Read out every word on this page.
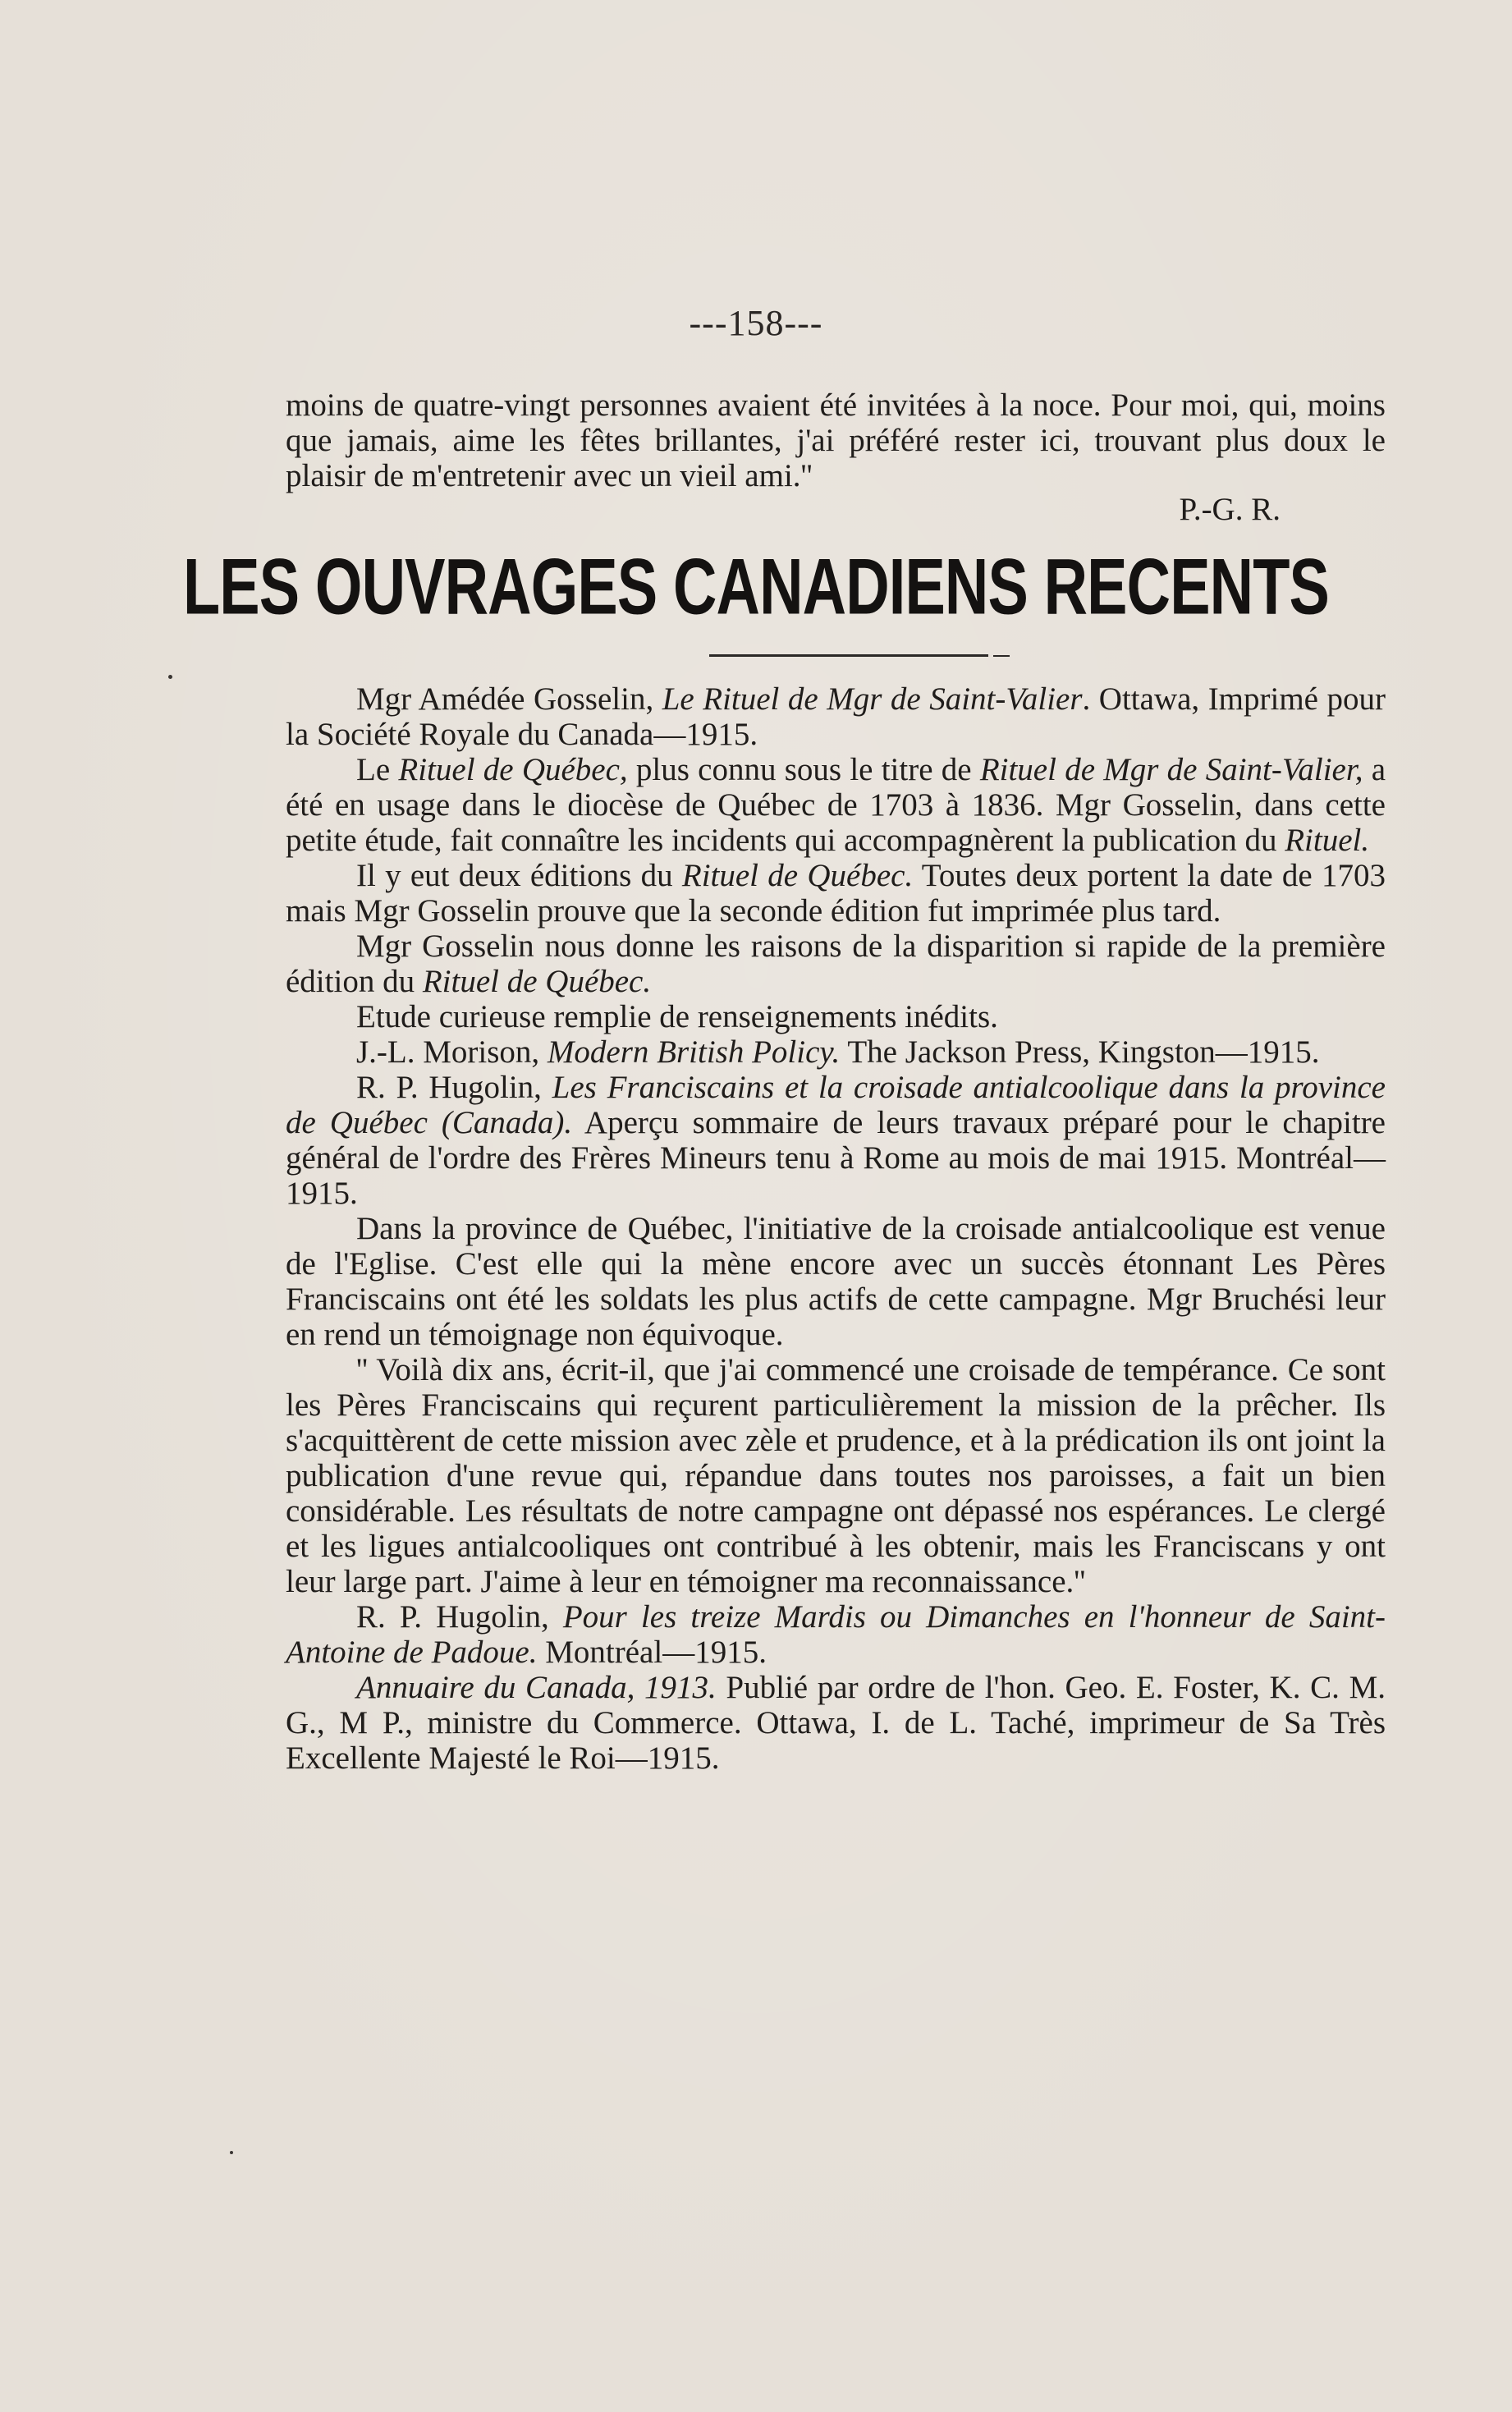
---158---

moins de quatre-vingt personnes avaient été invitées à la noce. Pour moi, qui, moins que jamais, aime les fêtes brillantes, j'ai préféré rester ici, trouvant plus doux le plaisir de m'entretenir avec un vieil ami.''

P.-G. R.
LES OUVRAGES CANADIENS RECENTS

Mgr Amédée Gosselin, Le Rituel de Mgr de Saint-Valier. Ottawa, Imprimé pour la Société Royale du Canada—1915.

Le Rituel de Québec, plus connu sous le titre de Rituel de Mgr de Saint-Valier, a été en usage dans le diocèse de Québec de 1703 à 1836. Mgr Gosselin, dans cette petite étude, fait connaître les incidents qui accompagnèrent la publication du Rituel.

Il y eut deux éditions du Rituel de Québec. Toutes deux portent la date de 1703 mais Mgr Gosselin prouve que la seconde édition fut imprimée plus tard.

Mgr Gosselin nous donne les raisons de la disparition si rapide de la première édition du Rituel de Québec.

Etude curieuse remplie de renseignements inédits.

J.-L. Morison, Modern British Policy. The Jackson Press, Kingston—1915.

R. P. Hugolin, Les Franciscains et la croisade antialcoolique dans la province de Québec (Canada). Aperçu sommaire de leurs travaux préparé pour le chapitre général de l'ordre des Frères Mineurs tenu à Rome au mois de mai 1915. Montréal—1915.

Dans la province de Québec, l'initiative de la croisade antialcoolique est venue de l'Eglise. C'est elle qui la mène encore avec un succès étonnant Les Pères Franciscains ont été les soldats les plus actifs de cette campagne. Mgr Bruchési leur en rend un témoignage non équivoque.

'' Voilà dix ans, écrit-il, que j'ai commencé une croisade de tempérance. Ce sont les Pères Franciscains qui reçurent particulièrement la mission de la prêcher. Ils s'acquittèrent de cette mission avec zèle et prudence, et à la prédication ils ont joint la publication d'une revue qui, répandue dans toutes nos paroisses, a fait un bien considérable. Les résultats de notre campagne ont dépassé nos espérances. Le clergé et les ligues antialcooliques ont contribué à les obtenir, mais les Franciscans y ont leur large part. J'aime à leur en témoigner ma reconnaissance.''

R. P. Hugolin, Pour les treize Mardis ou Dimanches en l'honneur de Saint-Antoine de Padoue. Montréal—1915.

Annuaire du Canada, 1913. Publié par ordre de l'hon. Geo. E. Foster, K. C. M. G., M P., ministre du Commerce. Ottawa, I. de L. Taché, imprimeur de Sa Très Excellente Majesté le Roi—1915.
